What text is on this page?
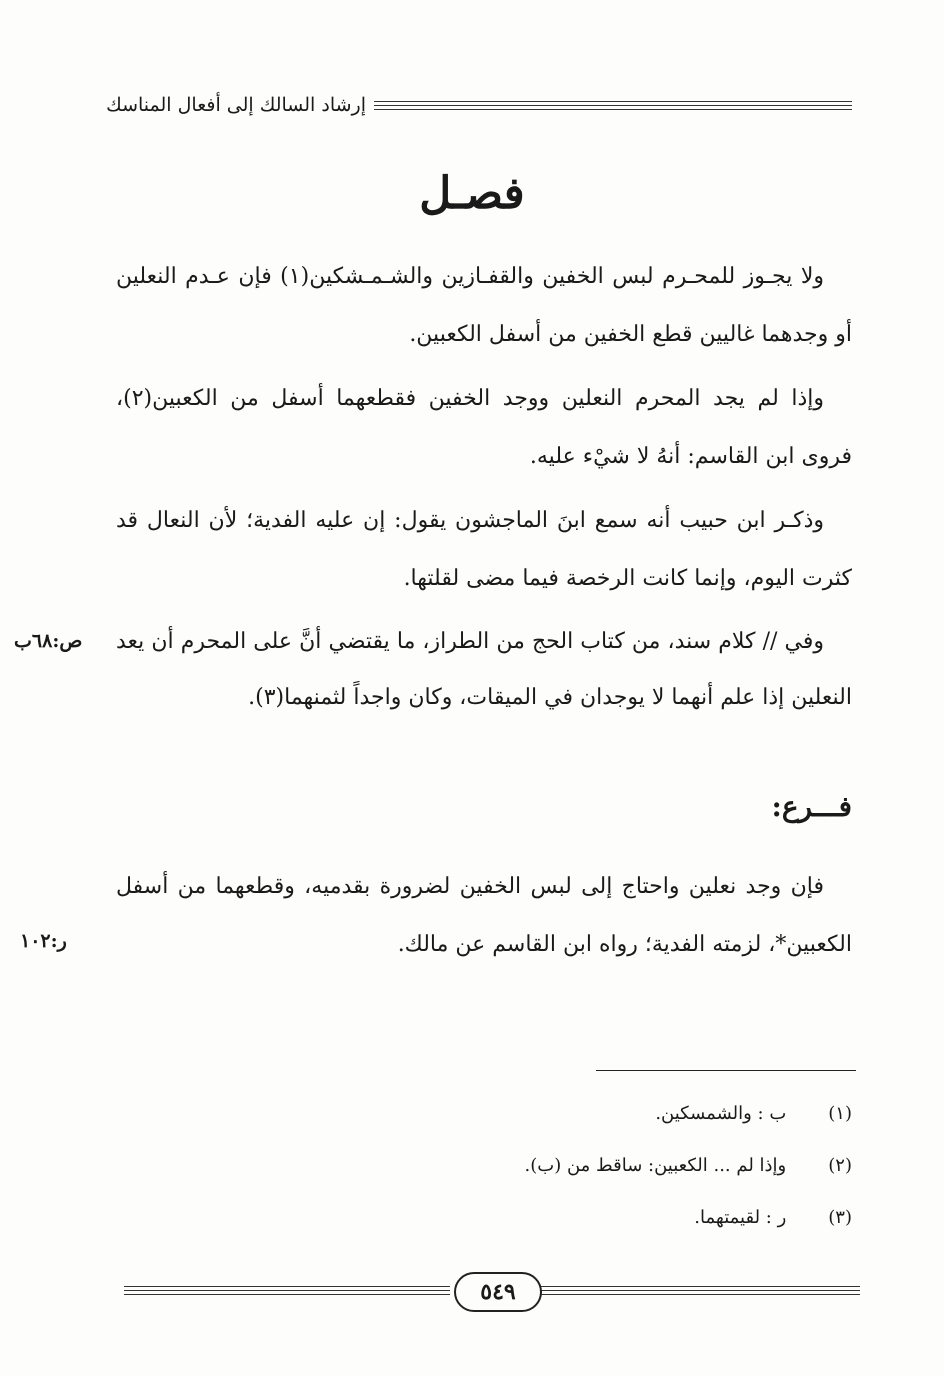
إرشاد السالك إلى أفعال المناسك
فصـل

ولا يجـوز للمحـرم لبس الخفين والقفـازين والشـمـشكين(١) فإن عـدم النعلين أو وجدهما غاليين قطع الخفين من أسفل الكعبين.

وإذا لم يجد المحرم النعلين ووجد الخفين فقطعهما أسفل من الكعبين(٢)، فروى ابن القاسم: أنهُ لا شيْء عليه.

وذكـر ابن حبيب أنه سمع ابنَ الماجشون يقول: إن عليه الفدية؛ لأن النعال قد كثرت اليوم، وإنما كانت الرخصة فيما مضى لقلتها.

وفي // كلام سند، من كتاب الحج من الطراز، ما يقتضي أنَّ على المحرم أن يعد النعلين إذا علم أنهما لا يوجدان في الميقات، وكان واجداً لثمنهما(٣).

ص:٦٨ب
فـــرع:

فإن وجد نعلين واحتاج إلى لبس الخفين لضرورة بقدميه، وقطعهما من أسفل الكعبين*، لزمته الفدية؛ رواه ابن القاسم عن مالك.

ر:١٠٢
(١) ب : والشمسكين.
(٢) وإذا لم ... الكعبين: ساقط من (ب).
(٣) ر : لقيمتهما.
٥٤٩
